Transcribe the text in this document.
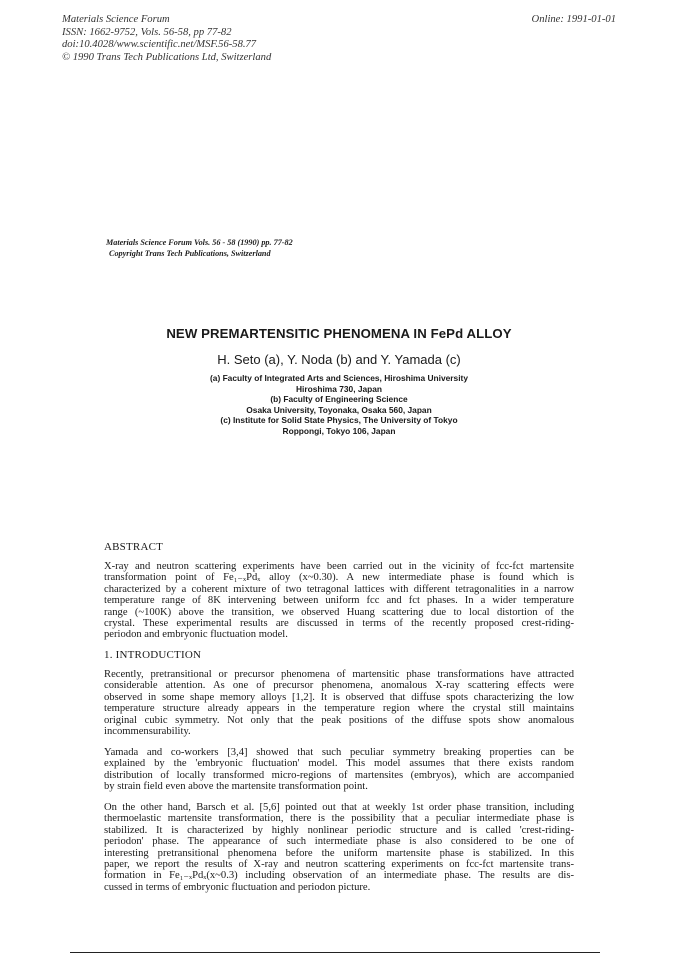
Materials Science Forum
ISSN: 1662-9752, Vols. 56-58, pp 77-82
doi:10.4028/www.scientific.net/MSF.56-58.77
© 1990 Trans Tech Publications Ltd, Switzerland
Online: 1991-01-01
Materials Science Forum Vols. 56 - 58 (1990) pp. 77-82
Copyright Trans Tech Publications, Switzerland
NEW PREMARTENSITIC PHENOMENA IN FePd ALLOY
H. Seto (a), Y. Noda (b) and Y. Yamada (c)
(a) Faculty of Integrated Arts and Sciences, Hiroshima University
Hiroshima 730, Japan
(b) Faculty of Engineering Science
Osaka University, Toyonaka, Osaka 560, Japan
(c) Institute for Solid State Physics, The University of Tokyo
Roppongi, Tokyo 106, Japan
ABSTRACT
X-ray and neutron scattering experiments have been carried out in the vicinity of fcc-fct martensite
transformation point of Fe₁₋ₓPdₓ alloy (x~0.30). A new intermediate phase is found which is
characterized by a coherent mixture of two tetragonal lattices with different tetragonalities in a narrow
temperature range of 8K intervening between uniform fcc and fct phases. In a wider temperature
range (~100K) above the transition, we observed Huang scattering due to local distortion of the
crystal. These experimental results are discussed in terms of the recently proposed crest-riding-
periodon and embryonic fluctuation model.
1. INTRODUCTION
Recently, pretransitional or precursor phenomena of martensitic phase transformations have attracted
considerable attention. As one of precursor phenomena, anomalous X-ray scattering effects were
observed in some shape memory alloys [1,2]. It is observed that diffuse spots characterizing the low
temperature structure already appears in the temperature region where the crystal still maintains
original cubic symmetry. Not only that the peak positions of the diffuse spots show anomalous
incommensurability.
Yamada and co-workers [3,4] showed that such peculiar symmetry breaking properties can be
explained by the 'embryonic fluctuation' model. This model assumes that there exists random
distribution of locally transformed micro-regions of martensites (embryos), which are accompanied
by strain field even above the martensite transformation point.
On the other hand, Barsch et al. [5,6] pointed out that at weekly 1st order phase transition, including
thermoelastic martensite transformation, there is the possibility that a peculiar intermediate phase is
stabilized. It is characterized by highly nonlinear periodic structure and is called 'crest-riding-
periodon' phase. The appearance of such intermediate phase is also considered to be one of
interesting pretransitional phenomena before the uniform martensite phase is stabilized. In this
paper, we report the results of X-ray and neutron scattering experiments on fcc-fct martensite trans-
formation in Fe₁₋ₓPdₓ(x~0.3) including observation of an intermediate phase. The results are dis-
cussed in terms of embryonic fluctuation and periodon picture.
